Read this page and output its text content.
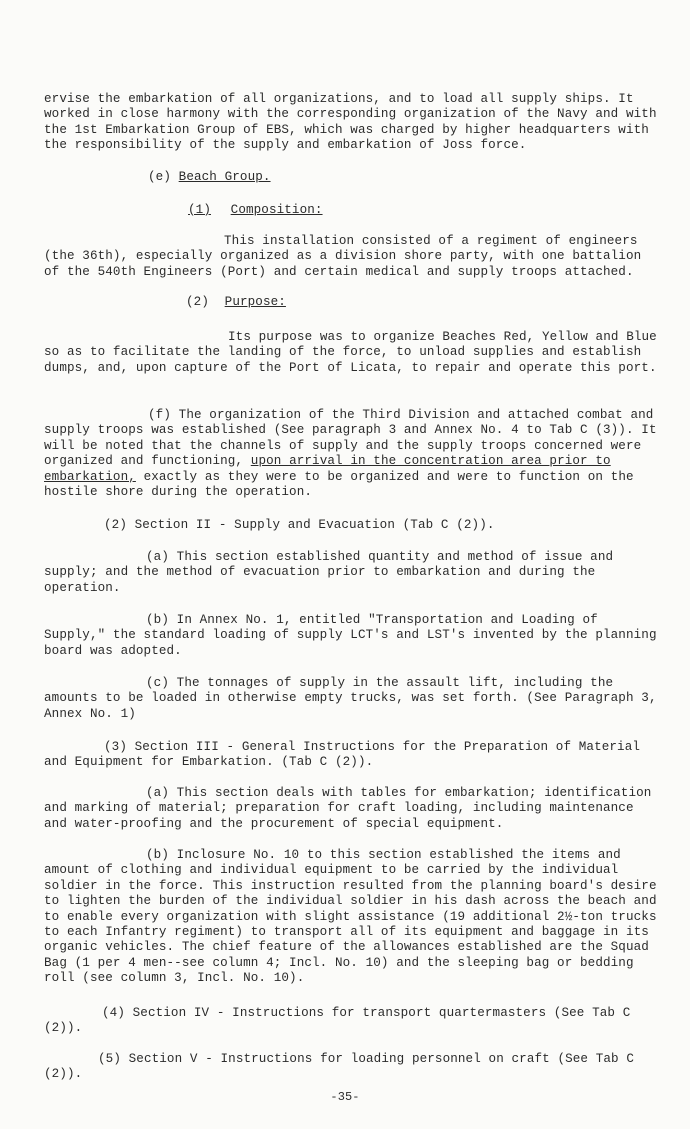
ervise the embarkation of all organizations, and to load all supply ships. It worked in close harmony with the corresponding organization of the Navy and with the 1st Embarkation Group of EBS, which was charged by higher headquarters with the responsibility of the supply and embarkation of Joss force.

(e) Beach Group.

(1) Composition:

This installation consisted of a regiment of engineers (the 36th), especially organized as a division shore party, with one battalion of the 540th Engineers (Port) and certain medical and supply troops attached.

(2) Purpose:

Its purpose was to organize Beaches Red, Yellow and Blue so as to facilitate the landing of the force, to unload supplies and establish dumps, and, upon capture of the Port of Licata, to repair and operate this port.

(f) The organization of the Third Division and attached combat and supply troops was established (See paragraph 3 and Annex No. 4 to Tab C (3)). It will be noted that the channels of supply and the supply troops concerned were organized and functioning, upon arrival in the concentration area prior to embarkation, exactly as they were to be organized and were to function on the hostile shore during the operation.

(2) Section II - Supply and Evacuation (Tab C (2)).

(a) This section established quantity and method of issue and supply; and the method of evacuation prior to embarkation and during the operation.

(b) In Annex No. 1, entitled "Transportation and Loading of Supply," the standard loading of supply LCT's and LST's invented by the planning board was adopted.

(c) The tonnages of supply in the assault lift, including the amounts to be loaded in otherwise empty trucks, was set forth. (See Paragraph 3, Annex No. 1)

(3) Section III - General Instructions for the Preparation of Material and Equipment for Embarkation. (Tab C (2)).

(a) This section deals with tables for embarkation; identification and marking of material; preparation for craft loading, including maintenance and water-proofing and the procurement of special equipment.

(b) Inclosure No. 10 to this section established the items and amount of clothing and individual equipment to be carried by the individual soldier in the force. This instruction resulted from the planning board's desire to lighten the burden of the individual soldier in his dash across the beach and to enable every organization with slight assistance (19 additional 2½-ton trucks to each Infantry regiment) to transport all of its equipment and baggage in its organic vehicles. The chief feature of the allowances established are the Squad Bag (1 per 4 men--see column 4; Incl. No. 10) and the sleeping bag or bedding roll (see column 3, Incl. No. 10).

(4) Section IV - Instructions for transport quartermasters (See Tab C (2)).

(5) Section V - Instructions for loading personnel on craft (See Tab C (2)).

-35-
